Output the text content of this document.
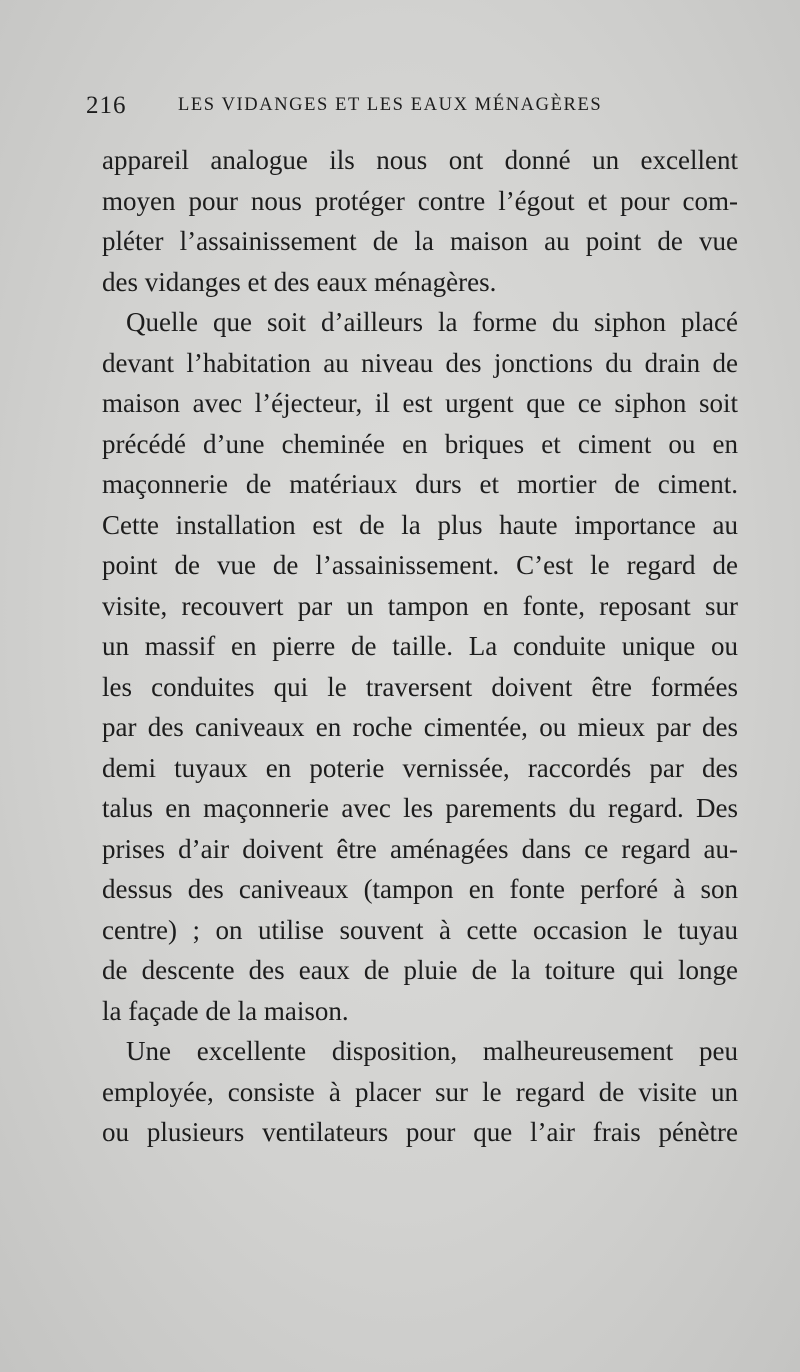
216	LES VIDANGES ET LES EAUX MÉNAGÈRES
appareil analogue ils nous ont donné un excellent
moyen pour nous protéger contre l’égout et pour com-
pléter l’assainissement de la maison au point de vue
des vidanges et des eaux ménagères.
Quelle que soit d’ailleurs la forme du siphon placé
devant l’habitation au niveau des jonctions du drain de
maison avec l’éjecteur, il est urgent que ce siphon soit
précédé d’une cheminée en briques et ciment ou en
maçonnerie de matériaux durs et mortier de ciment.
Cette installation est de la plus haute importance au
point de vue de l’assainissement. C’est le regard de
visite, recouvert par un tampon en fonte, reposant sur
un massif en pierre de taille. La conduite unique ou
les conduites qui le traversent doivent être formées
par des caniveaux en roche cimentée, ou mieux par des
demi tuyaux en poterie vernissée, raccordés par des
talus en maçonnerie avec les parements du regard. Des
prises d’air doivent être aménagées dans ce regard au-
dessus des caniveaux (tampon en fonte perforé à son
centre) ; on utilise souvent à cette occasion le tuyau
de descente des eaux de pluie de la toiture qui longe
la façade de la maison.
Une excellente disposition, malheureusement peu
employée, consiste à placer sur le regard de visite un
ou plusieurs ventilateurs pour que l’air frais pénètre
